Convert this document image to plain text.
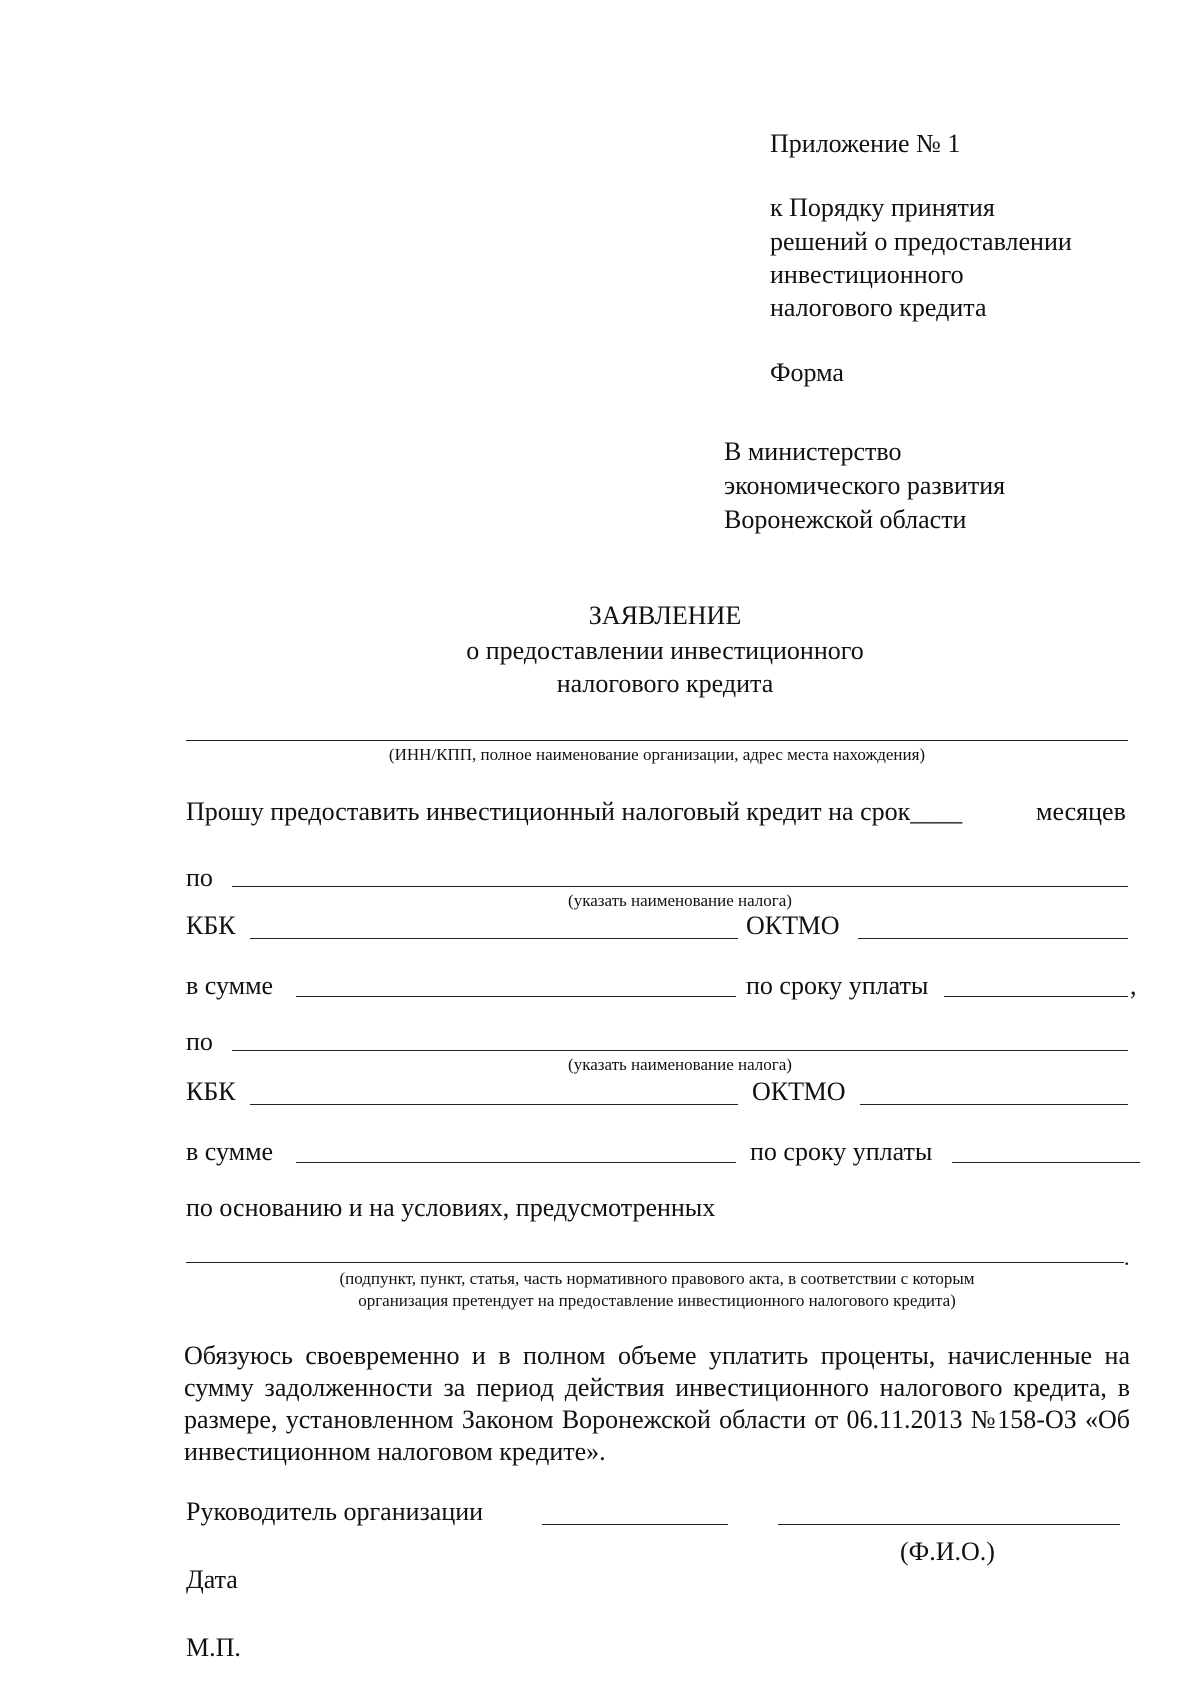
Приложение № 1
к Порядку принятия
решений о предоставлении
инвестиционного
налогового кредита
Форма
В министерство
экономического развития
Воронежской области
ЗАЯВЛЕНИЕ
о предоставлении инвестиционного
налогового кредита
(ИНН/КПП, полное наименование организации, адрес места нахождения)
Прошу предоставить инвестиционный налоговый кредит на срок____	месяцев
по
(указать наименование налога)
КБК	ОКТМО
в сумме	по сроку уплаты	,
по
(указать наименование налога)
КБК	ОКТМО
в сумме	по сроку уплаты
по основанию и на условиях, предусмотренных
.
(подпункт, пункт, статья, часть нормативного правового акта, в соответствии с которым
организация претендует на предоставление инвестиционного налогового кредита)
Обязуюсь своевременно и в полном объеме уплатить проценты, начисленные на сумму задолженности за период действия инвестиционного налогового кредита, в размере, установленном Законом Воронежской области от 06.11.2013 №158-ОЗ «Об инвестиционном налоговом кредите».
Руководитель организации
(Ф.И.О.)
Дата
М.П.
